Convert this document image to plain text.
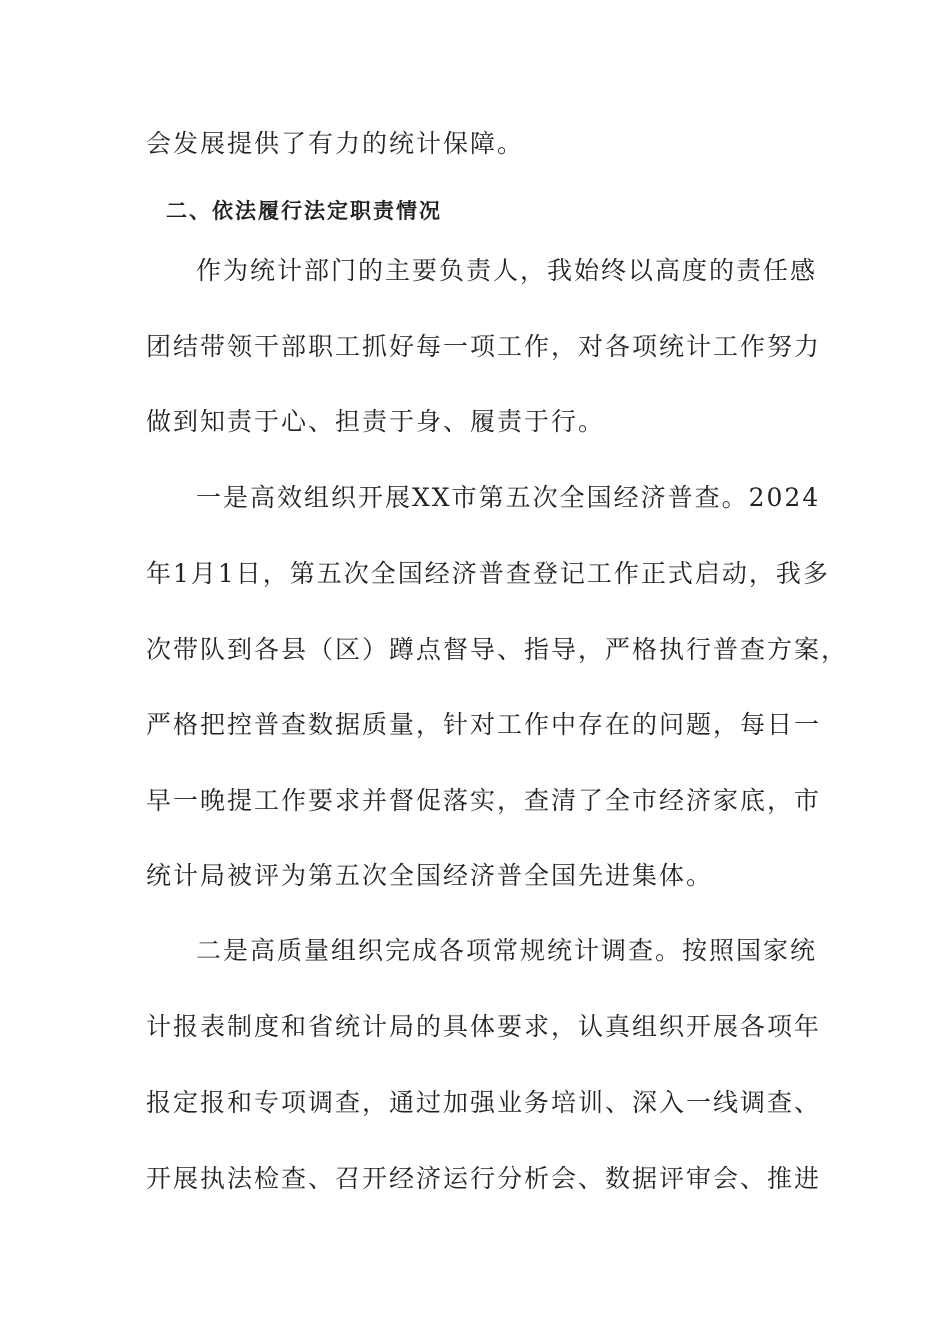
会发展提供了有力的统计保障。
二、依法履行法定职责情况
作为统计部门的主要负责人，我始终以高度的责任感
团结带领干部职工抓好每一项工作，对各项统计工作努力
做到知责于心、担责于身、履责于行。
一是高效组织开展XX市第五次全国经济普查。2024
年1月1日，第五次全国经济普查登记工作正式启动，我多
次带队到各县（区）蹲点督导、指导，严格执行普查方案，
严格把控普查数据质量，针对工作中存在的问题，每日一
早一晚提工作要求并督促落实，查清了全市经济家底，市
统计局被评为第五次全国经济普全国先进集体。
二是高质量组织完成各项常规统计调查。按照国家统
计报表制度和省统计局的具体要求，认真组织开展各项年
报定报和专项调查，通过加强业务培训、深入一线调查、
开展执法检查、召开经济运行分析会、数据评审会、推进
